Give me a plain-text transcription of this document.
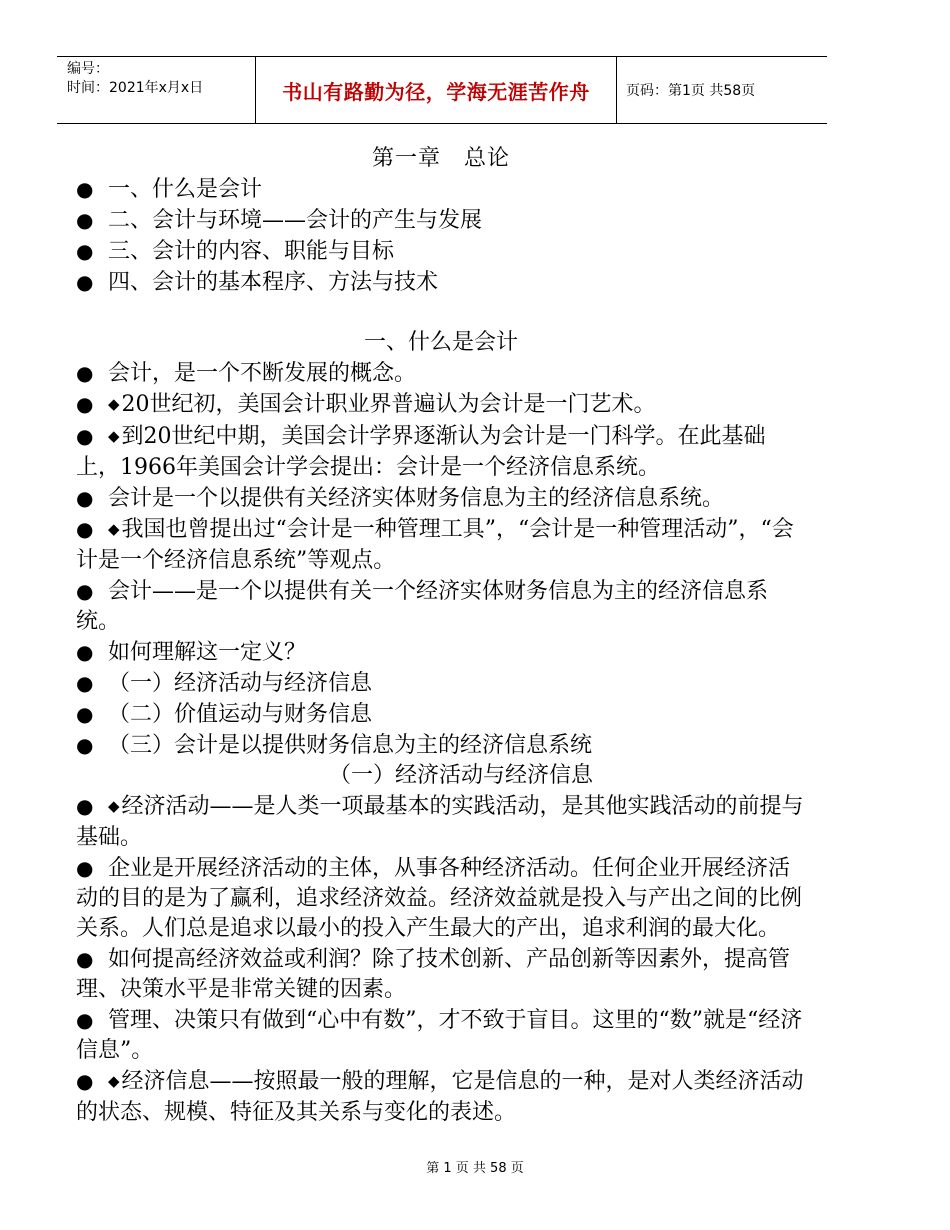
编号：
时间：2021年x月x日	书山有路勤为径，学海无涯苦作舟	页码：第1页 共58页
第一章　总论

● 一、什么是会计

● 二、会计与环境——会计的产生与发展

● 三、会计的内容、职能与目标

● 四、会计的基本程序、方法与技术

一、什么是会计

● 会计，是一个不断发展的概念。

● ◆20世纪初，美国会计职业界普遍认为会计是一门艺术。

● ◆到20世纪中期，美国会计学界逐渐认为会计是一门科学。在此基础上，1966年美国会计学会提出：会计是一个经济信息系统。

● 会计是一个以提供有关经济实体财务信息为主的经济信息系统。

● ◆我国也曾提出过“会计是一种管理工具”，“会计是一种管理活动”，“会计是一个经济信息系统”等观点。

● 会计——是一个以提供有关一个经济实体财务信息为主的经济信息系统。

● 如何理解这一定义？

● （一）经济活动与经济信息

● （二）价值运动与财务信息

● （三）会计是以提供财务信息为主的经济信息系统

（一）经济活动与经济信息

● ◆经济活动——是人类一项最基本的实践活动，是其他实践活动的前提与基础。

● 企业是开展经济活动的主体，从事各种经济活动。任何企业开展经济活动的目的是为了赢利，追求经济效益。经济效益就是投入与产出之间的比例关系。人们总是追求以最小的投入产生最大的产出，追求利润的最大化。

● 如何提高经济效益或利润？除了技术创新、产品创新等因素外，提高管理、决策水平是非常关键的因素。

● 管理、决策只有做到“心中有数”，才不致于盲目。这里的“数”就是“经济信息”。

● ◆经济信息——按照最一般的理解，它是信息的一种，是对人类经济活动的状态、规模、特征及其关系与变化的表述。

第 1 页 共 58 页
